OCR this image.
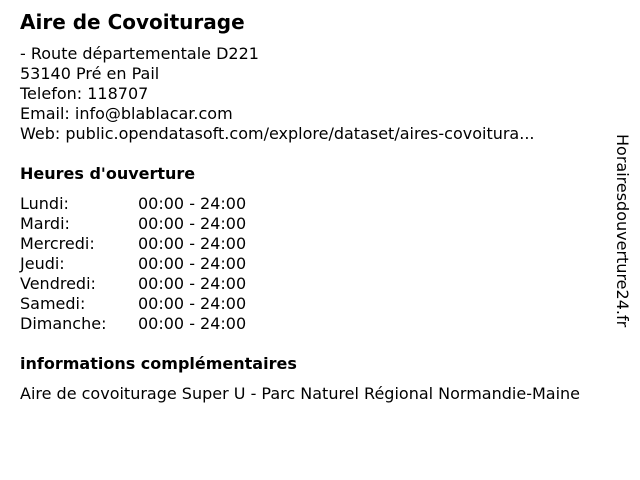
Aire de Covoiturage
- Route départementale D221
53140 Pré en Pail
Telefon: 118707
Email: info@blablacar.com
Web: public.opendatasoft.com/explore/dataset/aires-covoitura...
Heures d'ouverture
Lundi:	00:00 - 24:00
Mardi:	00:00 - 24:00
Mercredi:	00:00 - 24:00
Jeudi:	00:00 - 24:00
Vendredi:	00:00 - 24:00
Samedi:	00:00 - 24:00
Dimanche:	00:00 - 24:00
informations complémentaires
Aire de covoiturage Super U - Parc Naturel Régional Normandie-Maine
Horairesdouverture24.fr
